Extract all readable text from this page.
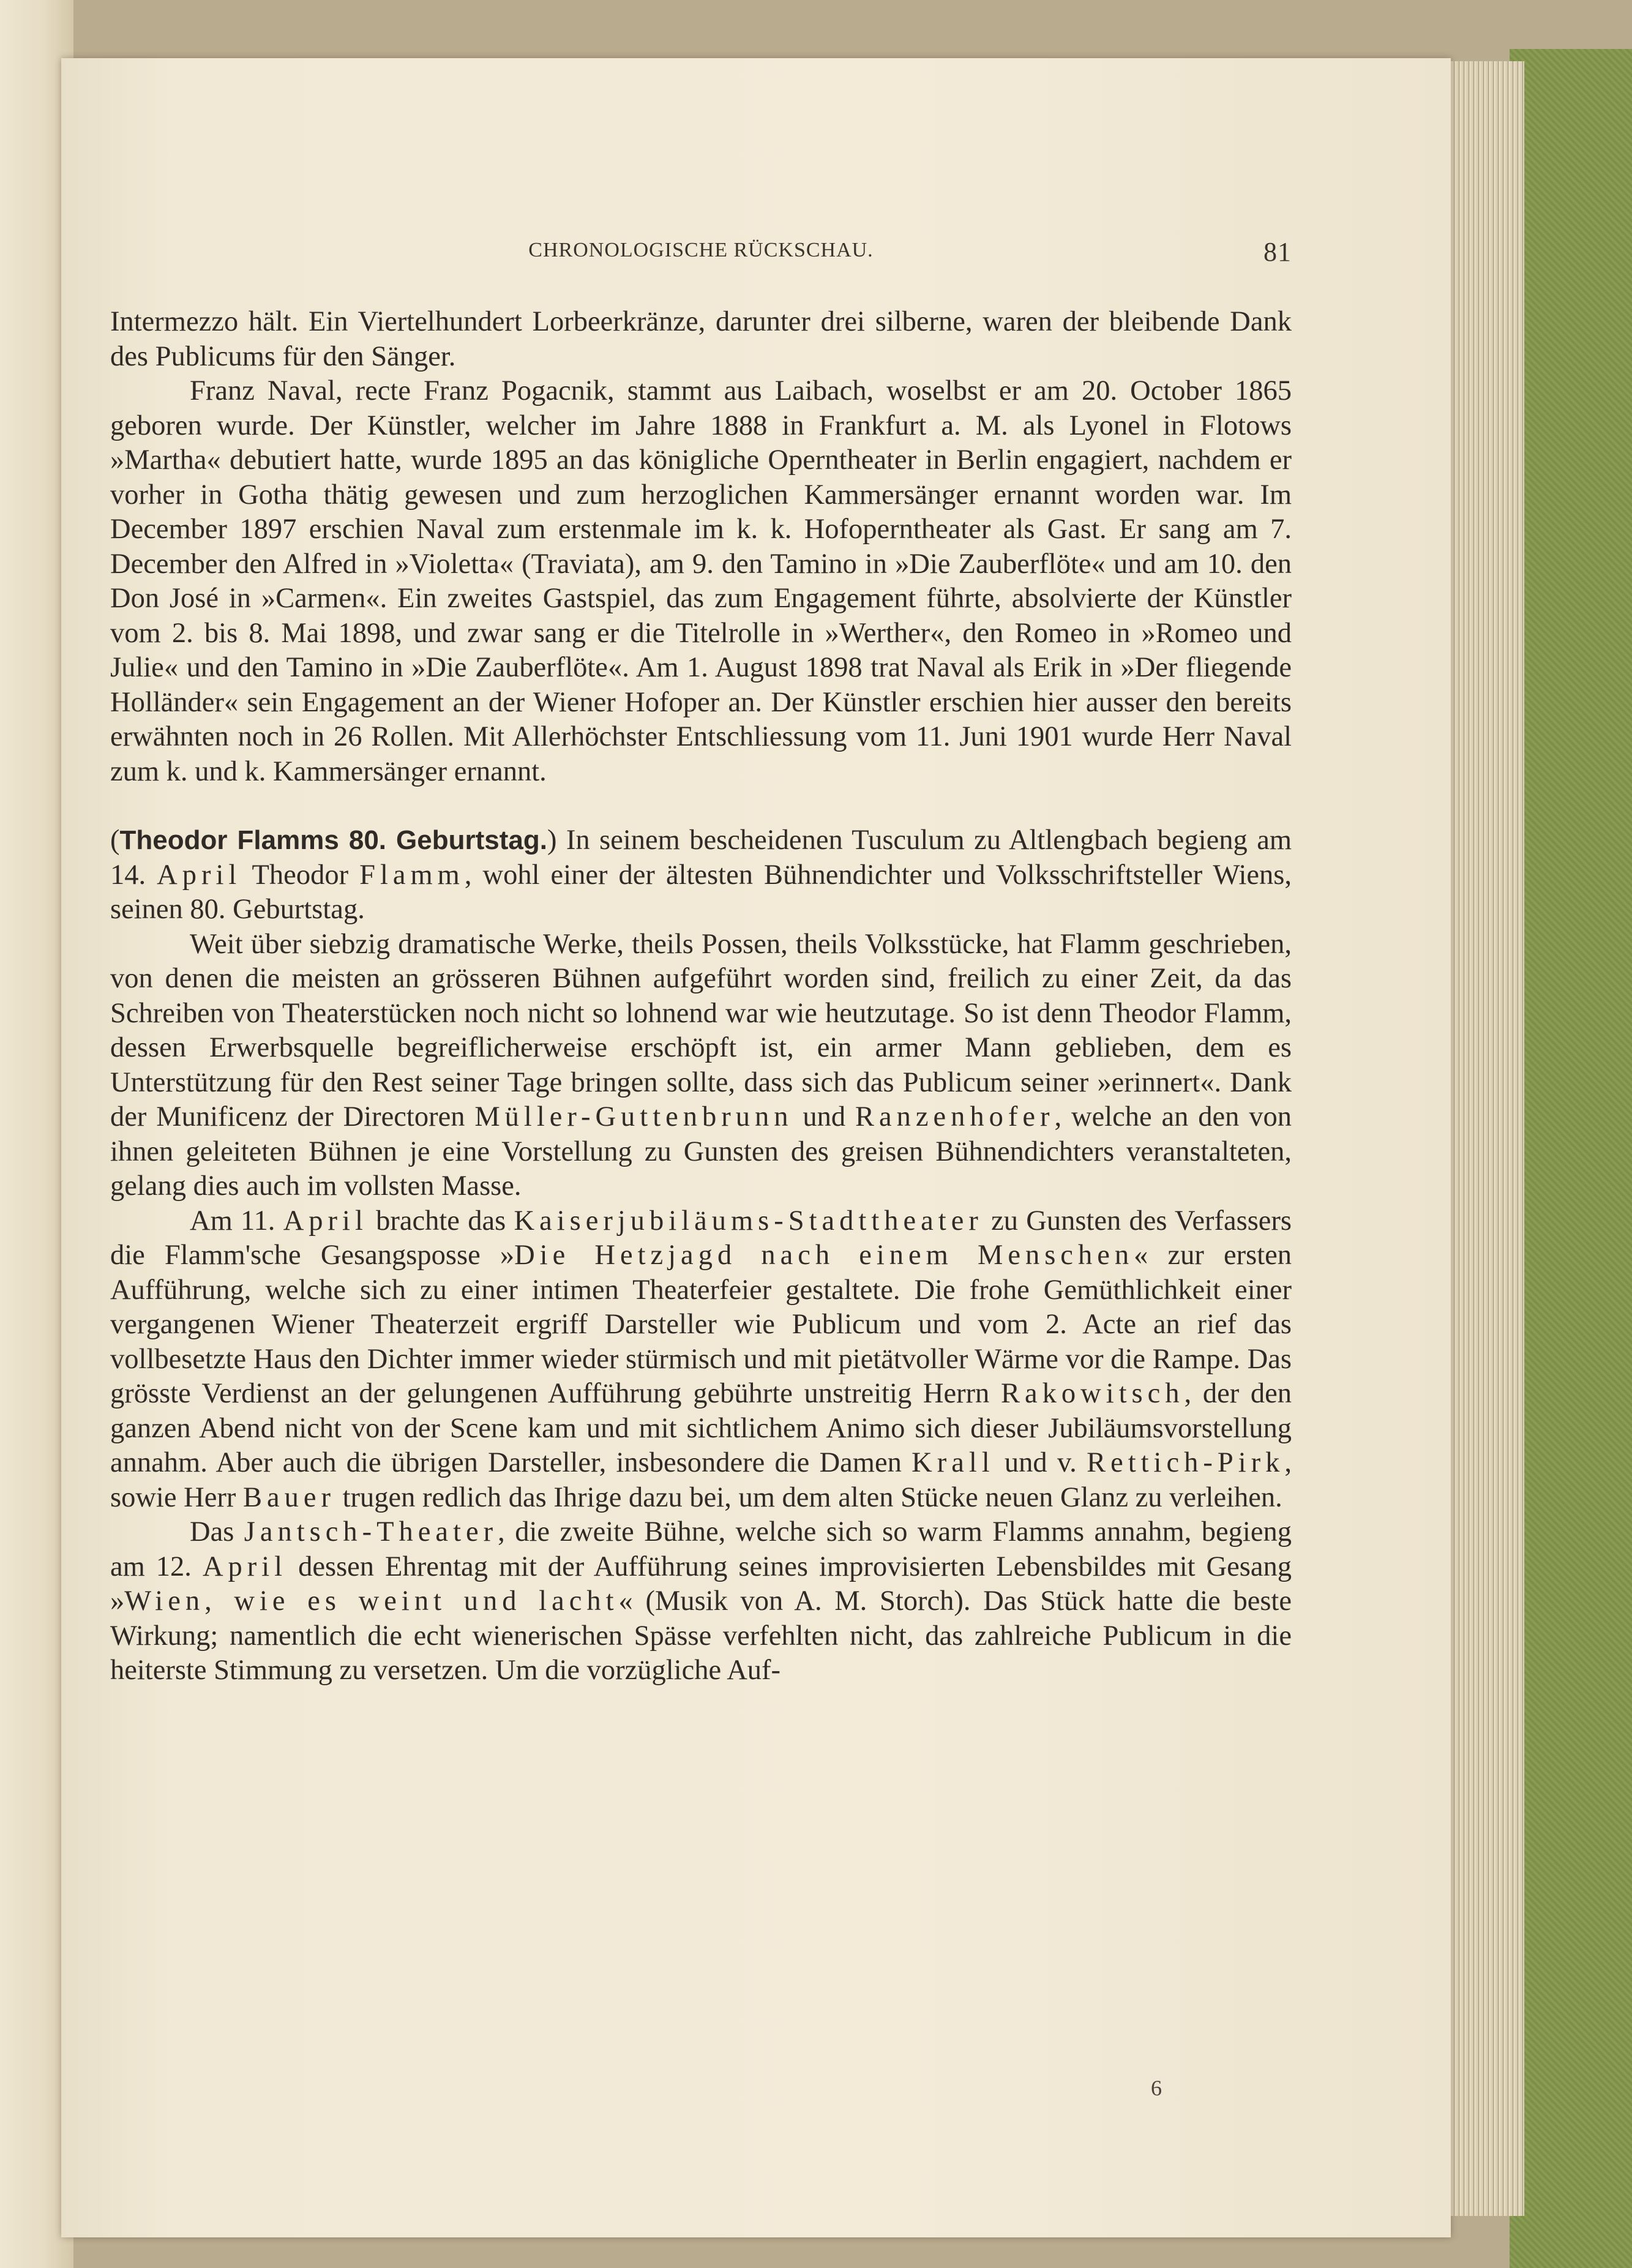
CHRONOLOGISCHE RÜCKSCHAU.	81

Intermezzo hält. Ein Viertelhundert Lorbeerkränze, darunter drei silberne, waren der bleibende Dank des Publicums für den Sänger.

Franz Naval, recte Franz Pogacnik, stammt aus Laibach, woselbst er am 20. October 1865 geboren wurde. Der Künstler, welcher im Jahre 1888 in Frankfurt a. M. als Lyonel in Flotows »Martha« debutiert hatte, wurde 1895 an das königliche Operntheater in Berlin engagiert, nachdem er vorher in Gotha thätig gewesen und zum herzoglichen Kammersänger ernannt worden war. Im December 1897 erschien Naval zum erstenmale im k. k. Hofoperntheater als Gast. Er sang am 7. December den Alfred in »Violetta« (Traviata), am 9. den Tamino in »Die Zauberflöte« und am 10. den Don José in »Carmen«. Ein zweites Gastspiel, das zum Engagement führte, absolvierte der Künstler vom 2. bis 8. Mai 1898, und zwar sang er die Titelrolle in »Werther«, den Romeo in »Romeo und Julie« und den Tamino in »Die Zauberflöte«. Am 1. August 1898 trat Naval als Erik in »Der fliegende Holländer« sein Engagement an der Wiener Hofoper an. Der Künstler erschien hier ausser den bereits erwähnten noch in 26 Rollen. Mit Allerhöchster Entschliessung vom 11. Juni 1901 wurde Herr Naval zum k. und k. Kammersänger ernannt.

(Theodor Flamms 80. Geburtstag.) In seinem bescheidenen Tusculum zu Altlengbach begieng am 14. April Theodor Flamm, wohl einer der ältesten Bühnendichter und Volksschriftsteller Wiens, seinen 80. Geburtstag.

Weit über siebzig dramatische Werke, theils Possen, theils Volksstücke, hat Flamm geschrieben, von denen die meisten an grösseren Bühnen aufgeführt worden sind, freilich zu einer Zeit, da das Schreiben von Theaterstücken noch nicht so lohnend war wie heutzutage. So ist denn Theodor Flamm, dessen Erwerbsquelle begreiflicherweise erschöpft ist, ein armer Mann geblieben, dem es Unterstützung für den Rest seiner Tage bringen sollte, dass sich das Publicum seiner »erinnert«. Dank der Munificenz der Directoren Müller-Guttenbrunn und Ranzenhofer, welche an den von ihnen geleiteten Bühnen je eine Vorstellung zu Gunsten des greisen Bühnendichters veranstalteten, gelang dies auch im vollsten Masse.

Am 11. April brachte das Kaiserjubiläums-Stadttheater zu Gunsten des Verfassers die Flamm'sche Gesangsposse »Die Hetzjagd nach einem Menschen« zur ersten Aufführung, welche sich zu einer intimen Theaterfeier gestaltete. Die frohe Gemüthlichkeit einer vergangenen Wiener Theaterzeit ergriff Darsteller wie Publicum und vom 2. Acte an rief das vollbesetzte Haus den Dichter immer wieder stürmisch und mit pietätvoller Wärme vor die Rampe. Das grösste Verdienst an der gelungenen Aufführung gebührte unstreitig Herrn Rakowitsch, der den ganzen Abend nicht von der Scene kam und mit sichtlichem Animo sich dieser Jubiläumsvorstellung annahm. Aber auch die übrigen Darsteller, insbesondere die Damen Krall und v. Rettich-Pirk, sowie Herr Bauer trugen redlich das Ihrige dazu bei, um dem alten Stücke neuen Glanz zu verleihen.

Das Jantsch-Theater, die zweite Bühne, welche sich so warm Flamms annahm, begieng am 12. April dessen Ehrentag mit der Aufführung seines improvisierten Lebensbildes mit Gesang »Wien, wie es weint und lacht« (Musik von A. M. Storch). Das Stück hatte die beste Wirkung; namentlich die echt wienerischen Spässe verfehlten nicht, das zahlreiche Publicum in die heiterste Stimmung zu versetzen. Um die vorzügliche Auf-

6
